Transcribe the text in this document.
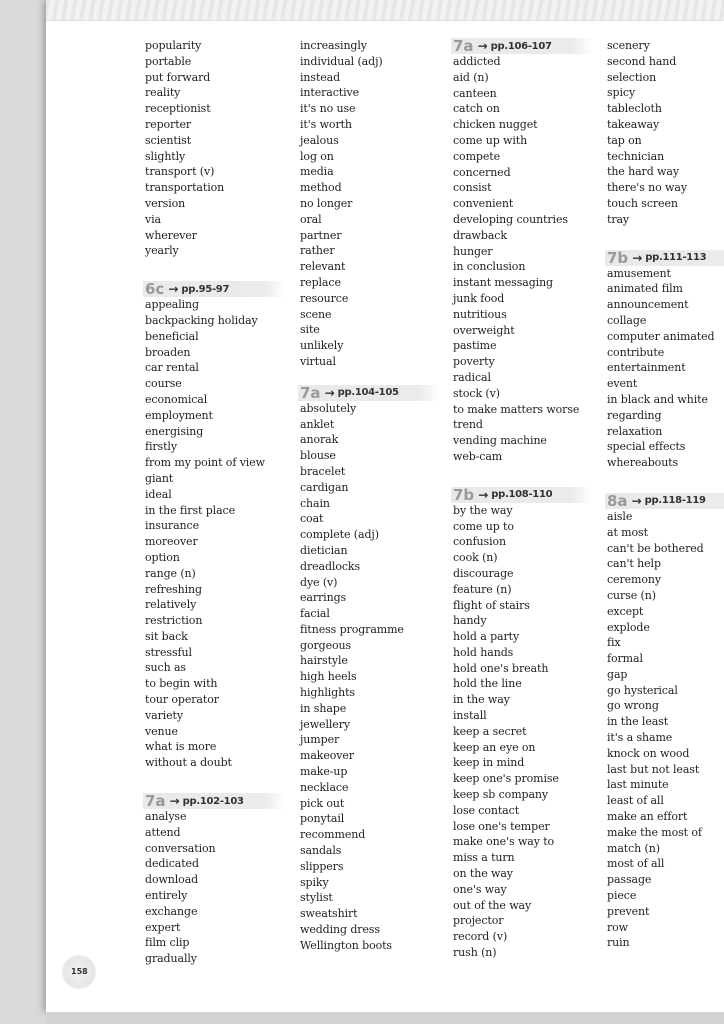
popularity
portable
put forward
reality
receptionist
reporter
scientist
slightly
transport (v)
transportation
version
via
wherever
yearly
6c → pp.95-97
appealing
backpacking holiday
beneficial
broaden
car rental
course
economical
employment
energising
firstly
from my point of view
giant
ideal
in the first place
insurance
moreover
option
range (n)
refreshing
relatively
restriction
sit back
stressful
such as
to begin with
tour operator
variety
venue
what is more
without a doubt
7a → pp.102-103
analyse
attend
conversation
dedicated
download
entirely
exchange
expert
film clip
gradually
increasingly
individual (adj)
instead
interactive
it's no use
it's worth
jealous
log on
media
method
no longer
oral
partner
rather
relevant
replace
resource
scene
site
unlikely
virtual
7a → pp.104-105
absolutely
anklet
anorak
blouse
bracelet
cardigan
chain
coat
complete (adj)
dietician
dreadlocks
dye (v)
earrings
facial
fitness programme
gorgeous
hairstyle
high heels
highlights
in shape
jewellery
jumper
makeover
make-up
necklace
pick out
ponytail
recommend
sandals
slippers
spiky
stylist
sweatshirt
wedding dress
Wellington boots
7a → pp.106-107
addicted
aid (n)
canteen
catch on
chicken nugget
come up with
compete
concerned
consist
convenient
developing countries
drawback
hunger
in conclusion
instant messaging
junk food
nutritious
overweight
pastime
poverty
radical
stock (v)
to make matters worse
trend
vending machine
web-cam
7b → pp.108-110
by the way
come up to
confusion
cook (n)
discourage
feature (n)
flight of stairs
handy
hold a party
hold hands
hold one's breath
hold the line
in the way
install
keep a secret
keep an eye on
keep in mind
keep one's promise
keep sb company
lose contact
lose one's temper
make one's way to
miss a turn
on the way
one's way
out of the way
projector
record (v)
rush (n)
scenery
second hand
selection
spicy
tablecloth
takeaway
tap on
technician
the hard way
there's no way
touch screen
tray
7b → pp.111-113
amusement
animated film
announcement
collage
computer animated
contribute
entertainment
event
in black and white
regarding
relaxation
special effects
whereabouts
8a → pp.118-119
aisle
at most
can't be bothered
can't help
ceremony
curse (n)
except
explode
fix
formal
gap
go hysterical
go wrong
in the least
it's a shame
knock on wood
last but not least
last minute
least of all
make an effort
make the most of
match (n)
most of all
passage
piece
prevent
row
ruin
158
